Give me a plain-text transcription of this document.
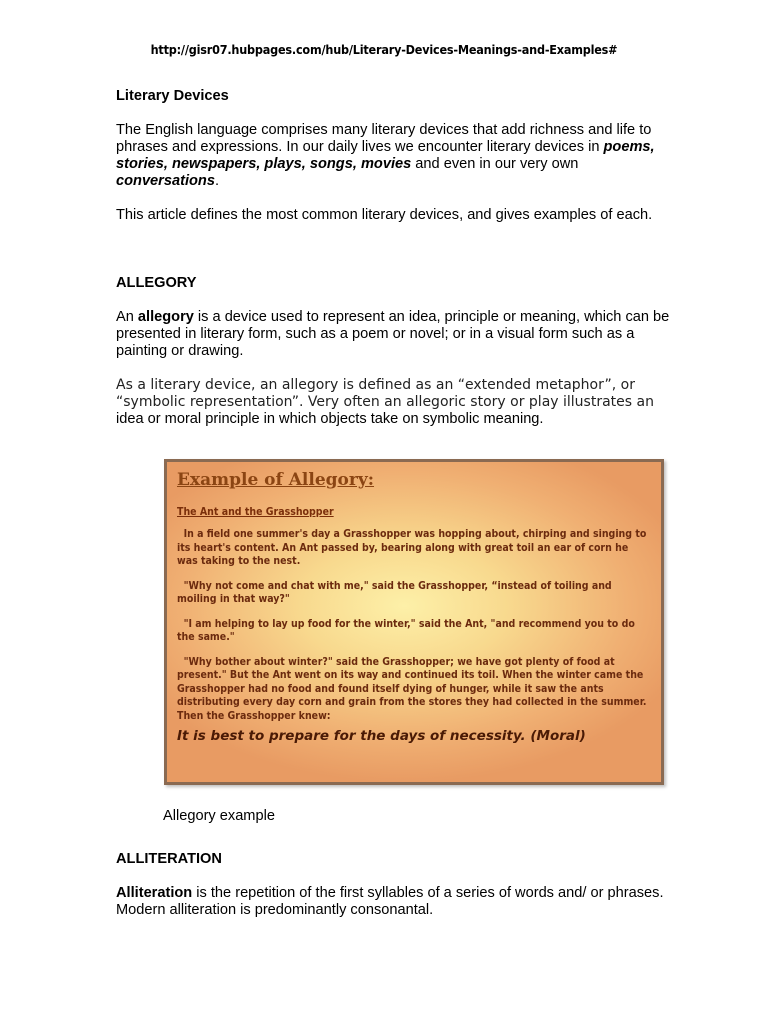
http://gisr07.hubpages.com/hub/Literary-Devices-Meanings-and-Examples#
Literary Devices

The English language comprises many literary devices that add richness and life to phrases and expressions. In our daily lives we encounter literary devices in poems, stories, newspapers, plays, songs, movies and even in our very own conversations.

This article defines the most common literary devices, and gives examples of each.

ALLEGORY

An allegory is a device used to represent an idea, principle or meaning, which can be presented in literary form, such as a poem or novel; or in a visual form such as a painting or drawing.

As a literary device, an allegory is defined as an “extended metaphor”, or “symbolic representation”. Very often an allegoric story or play illustrates an
idea or moral principle in which objects take on symbolic meaning.

Example of Allegory:
The Ant and the Grasshopper
In a field one summer's day a Grasshopper was hopping about, chirping and singing to its heart's content. An Ant passed by, bearing along with great toil an ear of corn he was taking to the nest.
"Why not come and chat with me," said the Grasshopper, “instead of toiling and moiling in that way?"
"I am helping to lay up food for the winter," said the Ant, "and recommend you to do the same."
"Why bother about winter?" said the Grasshopper; we have got plenty of food at present." But the Ant went on its way and continued its toil. When the winter came the Grasshopper had no food and found itself dying of hunger, while it saw the ants distributing every day corn and grain from the stores they had collected in the summer. Then the Grasshopper knew:
It is best to prepare for the days of necessity. (Moral)
Allegory example
ALLITERATION

Alliteration is the repetition of the first syllables of a series of words and/ or phrases. Modern alliteration is predominantly consonantal.
